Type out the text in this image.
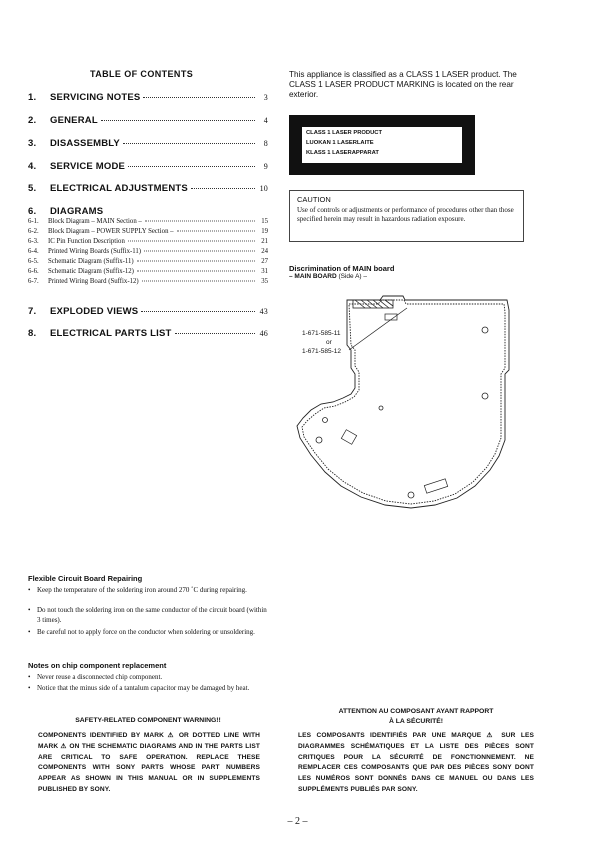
TABLE OF CONTENTS
1.	SERVICING NOTES	3
2.	GENERAL	4
3.	DISASSEMBLY	8
4.	SERVICE MODE	9
5.	ELECTRICAL ADJUSTMENTS	10
6.	DIAGRAMS
6-1.	Block Diagram – MAIN Section –	15
6-2.	Block Diagram – POWER SUPPLY Section –	19
6-3.	IC Pin Function Description	21
6-4.	Printed Wiring Boards (Suffix-11)	24
6-5.	Schematic Diagram (Suffix-11)	27
6-6.	Schematic Diagram (Suffix-12)	31
6-7.	Printed Wiring Board (Suffix-12)	35
7.	EXPLODED VIEWS	43
8.	ELECTRICAL PARTS LIST	46
This appliance is classified as a CLASS 1 LASER product. The CLASS 1 LASER PRODUCT MARKING is located on the rear exterior.
CLASS 1 LASER PRODUCT
LUOKAN 1 LASERLAITE
KLASS 1 LASERAPPARAT
CAUTION
Use of controls or adjustments or performance of procedures other than those specified herein may result in hazardous radiation exposure.
Discrimination of MAIN board
– MAIN BOARD (Side A) –
1-671-585-11
or
1-671-585-12
Flexible Circuit Board Repairing
• Keep the temperature of the soldering iron around 270 ˚C during repairing.
• Do not touch the soldering iron on the same conductor of the circuit board (within 3 times).
• Be careful not to apply force on the conductor when soldering or unsoldering.
Notes on chip component replacement
• Never reuse a disconnected chip component.
• Notice that the minus side of a tantalum capacitor may be damaged by heat.
SAFETY-RELATED COMPONENT WARNING!!
COMPONENTS IDENTIFIED BY MARK ⚠ OR DOTTED LINE WITH MARK ⚠ ON THE SCHEMATIC DIAGRAMS AND IN THE PARTS LIST ARE CRITICAL TO SAFE OPERATION. REPLACE THESE COMPONENTS WITH SONY PARTS WHOSE PART NUMBERS APPEAR AS SHOWN IN THIS MANUAL OR IN SUPPLEMENTS PUBLISHED BY SONY.
ATTENTION AU COMPOSANT AYANT RAPPORT
À LA SÉCURITÉ!
LES COMPOSANTS IDENTIFIÉS PAR UNE MARQUE ⚠ SUR LES DIAGRAMMES SCHÉMATIQUES ET LA LISTE DES PIÈCES SONT CRITIQUES POUR LA SÉCURITÉ DE FONCTIONNEMENT. NE REMPLACER CES COMPOSANTS QUE PAR DES PIÈCES SONY DONT LES NUMÉROS SONT DONNÉS DANS CE MANUEL OU DANS LES SUPPLÉMENTS PUBLIÉS PAR SONY.
– 2 –
